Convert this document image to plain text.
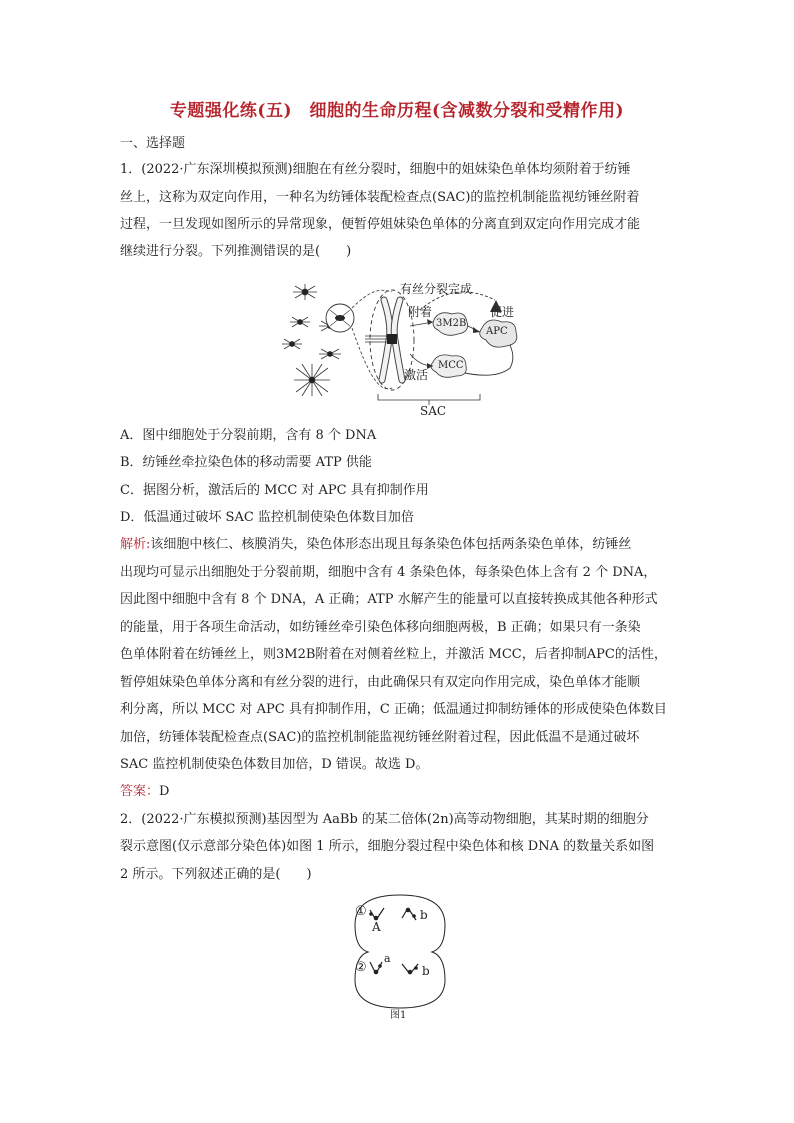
专题强化练(五)　细胞的生命历程(含减数分裂和受精作用)
一、选择题
1．(2022·广东深圳模拟预测)细胞在有丝分裂时，细胞中的姐妹染色单体均须附着于纺锤
丝上，这称为双定向作用，一种名为纺锤体装配检查点(SAC)的监控机制能监视纺锤丝附着
过程，一旦发现如图所示的异常现象，便暂停姐妹染色单体的分离直到双定向作用完成才能
继续进行分裂。下列推测错误的是(　　)
有丝分裂完成
附着	促进
3M2B
APC
激活
MCC
SAC
A．图中细胞处于分裂前期，含有 8 个 DNA
B．纺锤丝牵拉染色体的移动需要 ATP 供能
C．据图分析，激活后的 MCC 对 APC 具有抑制作用
D．低温通过破坏 SAC 监控机制使染色体数目加倍
解析:该细胞中核仁、核膜消失，染色体形态出现且每条染色体包括两条染色单体，纺锤丝
出现均可显示出细胞处于分裂前期，细胞中含有 4 条染色体，每条染色体上含有 2 个 DNA，
因此图中细胞中含有 8 个 DNA，A 正确；ATP 水解产生的能量可以直接转换成其他各种形式
的能量，用于各项生命活动，如纺锤丝牵引染色体移向细胞两极，B 正确；如果只有一条染
色单体附着在纺锤丝上，则3M2B附着在对侧着丝粒上，并激活 MCC，后者抑制APC的活性，
暂停姐妹染色单体分离和有丝分裂的进行，由此确保只有双定向作用完成，染色单体才能顺
利分离，所以 MCC 对 APC 具有抑制作用，C 正确；低温通过抑制纺锤体的形成使染色体数目
加倍，纺锤体装配检查点(SAC)的监控机制能监视纺锤丝附着过程，因此低温不是通过破坏
SAC 监控机制使染色体数目加倍，D 错误。故选 D。
答案：D
2．(2022·广东模拟预测)基因型为 AaBb 的某二倍体(2n)高等动物细胞，其某时期的细胞分
裂示意图(仅示意部分染色体)如图 1 所示，细胞分裂过程中染色体和核 DNA 的数量关系如图
2 所示。下列叙述正确的是(　　)
①
A
b
②
a
b
图1
